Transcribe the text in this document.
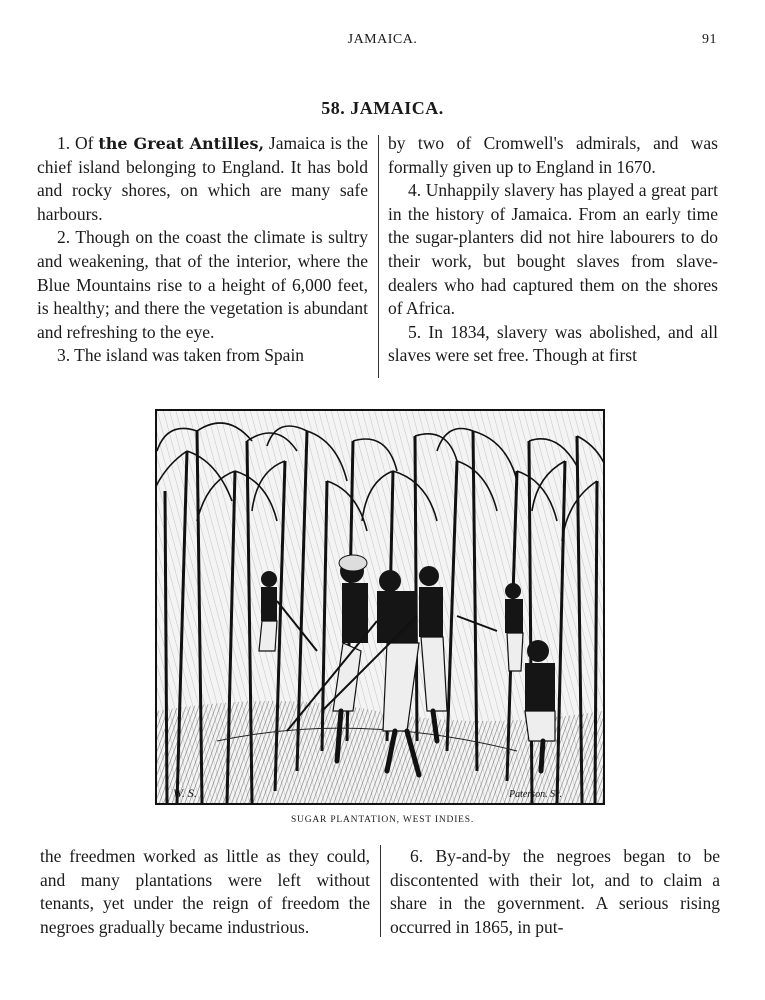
JAMAICA.	91
58. JAMAICA.

1. Of the Great Antilles, Jamaica is the chief island belonging to England. It has bold and rocky shores, on which are many safe harbours.

2. Though on the coast the climate is sultry and weakening, that of the interior, where the Blue Mountains rise to a height of 6,000 feet, is healthy; and there the vegetation is abundant and refreshing to the eye.

3. The island was taken from Spain

by two of Cromwell's admirals, and was formally given up to England in 1670.

4. Unhappily slavery has played a great part in the history of Jamaica. From an early time the sugar-planters did not hire labourers to do their work, but bought slaves from slave-dealers who had captured them on the shores of Africa.

5. In 1834, slavery was abolished, and all slaves were set free. Though at first

W. S.	Paterson. Sc.
SUGAR PLANTATION, WEST INDIES.

the freedmen worked as little as they could, and many plantations were left without tenants, yet under the reign of freedom the negroes gradually became industrious.

6. By-and-by the negroes began to be discontented with their lot, and to claim a share in the government. A serious rising occurred in 1865, in put-
